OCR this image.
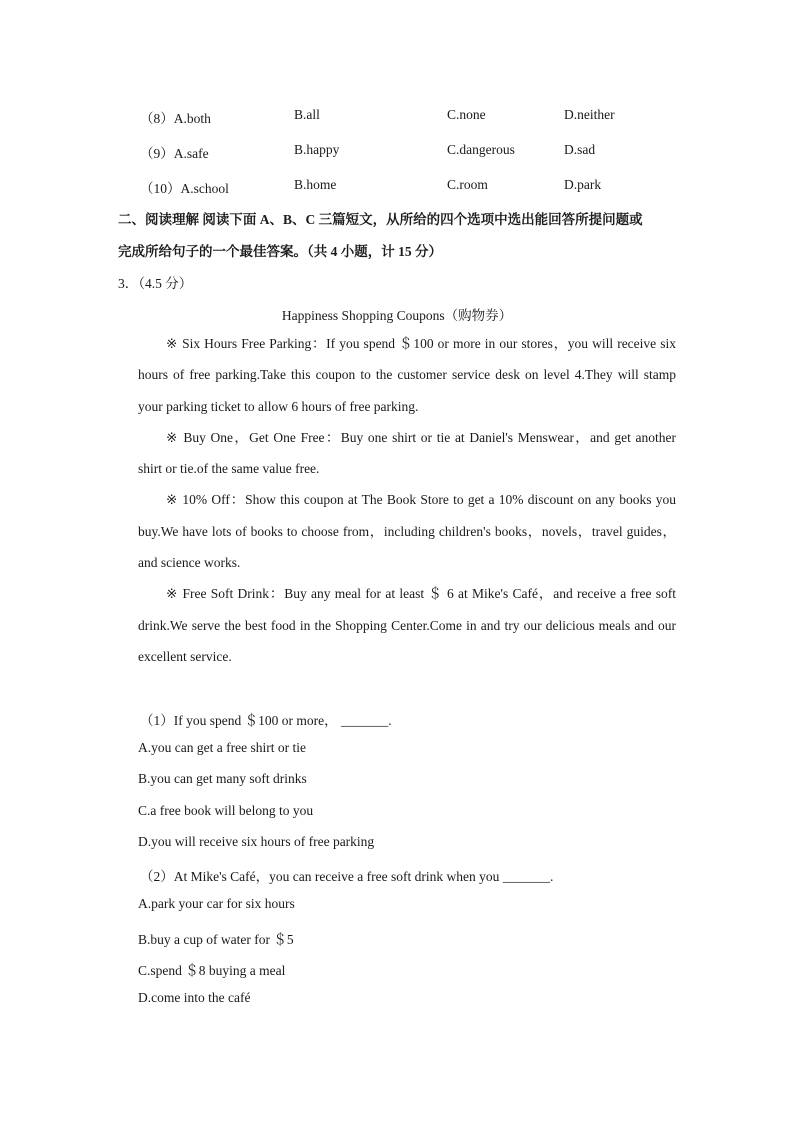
（8）A.both	B.all	C.none	D.neither
（9）A.safe	B.happy	C.dangerous	D.sad
（10）A.school	B.home	C.room	D.park
二、阅读理解 阅读下面 A、B、C 三篇短文，从所给的四个选项中选出能回答所提问题或
完成所给句子的一个最佳答案。（共 4 小题，计 15 分）
3．（4.5 分）
Happiness Shopping Coupons（购物券）

※ Six Hours Free Parking：If you spend ＄100 or more in our stores，you will receive six hours of free parking.Take this coupon to the customer service desk on level 4.They will stamp your parking ticket to allow 6 hours of free parking.

※ Buy One，Get One Free：Buy one shirt or tie at Daniel's Menswear，and get another shirt or tie.of the same value free.

※ 10% Off：Show this coupon at The Book Store to get a 10% discount on any books you buy.We have lots of books to choose from，including children's books，novels，travel guides，and science works.

※ Free Soft Drink：Buy any meal for at least ＄ 6 at Mike's Café，and receive a free soft drink.We serve the best food in the Shopping Center.Come in and try our delicious meals and our excellent service.

（1）If you spend ＄100 or more， _______.
A.you can get a free shirt or tie
B.you can get many soft drinks
C.a free book will belong to you
D.you will receive six hours of free parking
（2）At Mike's Café，you can receive a free soft drink when you _______.
A.park your car for six hours
B.buy a cup of water for ＄5
C.spend ＄8 buying a meal
D.come into the café
